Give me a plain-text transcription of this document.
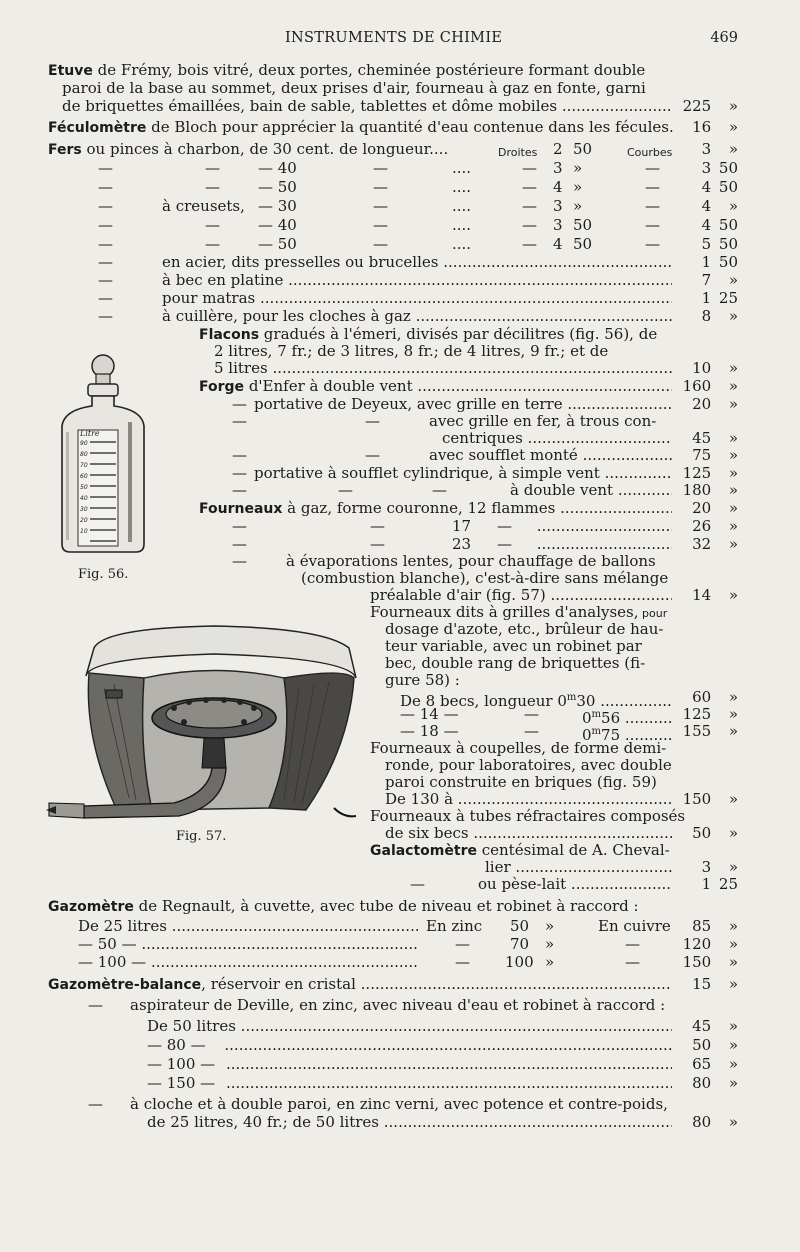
INSTRUMENTS DE CHIMIE	469
Etuve de Frémy, bois vitré, deux portes, cheminée postérieure formant double
paroi de la base au sommet, deux prises d'air, fourneau à gaz en fonte, garni
de briquettes émaillées, bain de sable, tablettes et dôme mobiles .....	225 »
Féculomètre de Bloch pour apprécier la quantité d'eau contenue dans les fécules.	16 »
Fers ou pinces à charbon, de 30 cent. de longueur....	Droites 2 50	Courbes	3 »
—	—	— 40	—	....	— 3 »	—	3 50
—	—	— 50	—	....	— 4 »	—	4 50
—	à creusets, — 30	—	....	— 3 »	—	4 »
—	—	— 40	—	....	— 3 50	—	4 50
—	—	— 50	—	....	— 4 50	—	5 50
—	en acier, dits presselles ou brucelles .....	1 50
—	à bec en platine .....	7 »
—	pour matras .....	1 25
—	à cuillère, pour les cloches à gaz .....	8 »
Flacons gradués à l'émeri, divisés par décilitres (fig. 56), de
2 litres, 7 fr.; de 3 litres, 8 fr.; de 4 litres, 9 fr.; et de
5 litres .....	10 »
Forge d'Enfer à double vent .....	160 »
— portative de Deyeux, avec grille en terre .....	20 »
—	—	avec grille en fer, à trous con-
centriques .....	45 »
—	—	avec soufflet monté .....	75 »
— portative à soufflet cylindrique, à simple vent .....	125 »
—	—	—	à double vent .....	180 »
Fourneaux à gaz, forme couronne, 12 flammes .....	20 »
—	—	17 — .....	26 »
—	—	23 — .....	32 »
—	à évaporations lentes, pour chauffage de ballons
(combustion blanche), c'est-à-dire sans mélange
préalable d'air (fig. 57) .....	14 »
Fourneaux dits à grilles d'analyses, pour
dosage d'azote, etc., brûleur de hau-
teur variable, avec un robinet par
bec, double rang de briquettes (fi-
gure 58) :
De 8 becs, longueur 0$^m$30 .....	60 »
— 14 —	—	0$^m$56 .....	125 »
— 18 —	—	0$^m$75 .....	155 »
Fourneaux à coupelles, de forme demi-
ronde, pour laboratoires, avec double
paroi construite en briques (fig. 59)
De 130 à .....	150 »
Fourneaux à tubes réfractaires composés
de six becs .....	50 »
Galactomètre centésimal de A. Cheval-
lier .....	3 »
—	ou pèse-lait .....	1 25
Gazomètre de Regnault, à cuvette, avec tube de niveau et robinet à raccord :
De 25 litres .....	En zinc 50 »	En cuivre	85 »
— 50 — .....	—	70 »	—	120 »
— 100 — .....	— 100 »	—	150 »
Gazomètre-balance, réservoir en cristal .....	15 »
— aspirateur de Deville, en zinc, avec niveau d'eau et robinet à raccord :
De 50 litres .....	45 »
— 80 — .....	50 »
— 100 — .....	65 »
— 150 — .....	80 »
— à cloche et à double paroi, en zinc verni, avec potence et contre-poids,
de 25 litres, 40 fr.; de 50 litres .....	80 »
90
80
70
60
50
40
30
20
10
Litre
Fig. 56.
Fig. 57.
